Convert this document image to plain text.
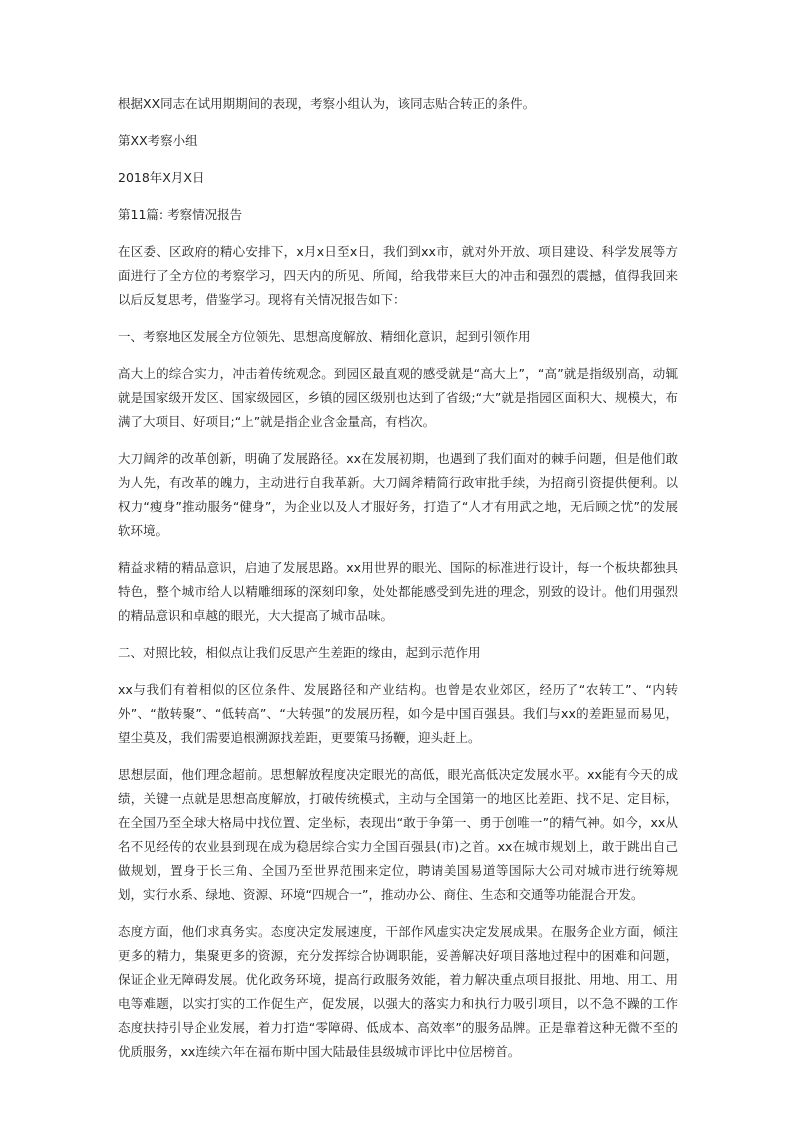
根据XX同志在试用期期间的表现，考察小组认为，该同志贴合转正的条件。

第XX考察小组

2018年X月X日

第11篇: 考察情况报告

在区委、区政府的精心安排下，x月x日至x日，我们到xx市，就对外开放、项目建设、科学发展等方面进行了全方位的考察学习，四天内的所见、所闻，给我带来巨大的冲击和强烈的震撼，值得我回来以后反复思考，借鉴学习。现将有关情况报告如下：

一、考察地区发展全方位领先、思想高度解放、精细化意识，起到引领作用

高大上的综合实力，冲击着传统观念。到园区最直观的感受就是“高大上”，“高”就是指级别高，动辄就是国家级开发区、国家级园区，乡镇的园区级别也达到了省级;“大”就是指园区面积大、规模大，布满了大项目、好项目;“上”就是指企业含金量高，有档次。

大刀阔斧的改革创新，明确了发展路径。xx在发展初期，也遇到了我们面对的棘手问题，但是他们敢为人先，有改革的魄力，主动进行自我革新。大刀阔斧精简行政审批手续，为招商引资提供便利。以权力“瘦身”推动服务“健身”，为企业以及人才服好务，打造了“人才有用武之地，无后顾之忧”的发展软环境。

精益求精的精品意识，启迪了发展思路。xx用世界的眼光、国际的标准进行设计，每一个板块都独具特色，整个城市给人以精雕细琢的深刻印象，处处都能感受到先进的理念，别致的设计。他们用强烈的精品意识和卓越的眼光，大大提高了城市品味。

二、对照比较，相似点让我们反思产生差距的缘由，起到示范作用

xx与我们有着相似的区位条件、发展路径和产业结构。也曾是农业郊区，经历了“农转工”、“内转外”、“散转聚”、“低转高”、“大转强”的发展历程，如今是中国百强县。我们与xx的差距显而易见，望尘莫及，我们需要追根溯源找差距，更要策马扬鞭，迎头赶上。

思想层面，他们理念超前。思想解放程度决定眼光的高低，眼光高低决定发展水平。xx能有今天的成绩，关键一点就是思想高度解放，打破传统模式，主动与全国第一的地区比差距、找不足、定目标，在全国乃至全球大格局中找位置、定坐标，表现出“敢于争第一、勇于创唯一”的精气神。如今，xx从名不见经传的农业县到现在成为稳居综合实力全国百强县(市)之首。xx在城市规划上，敢于跳出自己做规划，置身于长三角、全国乃至世界范围来定位，聘请美国易道等国际大公司对城市进行统筹规划，实行水系、绿地、资源、环境“四规合一”，推动办公、商住、生态和交通等功能混合开发。

态度方面，他们求真务实。态度决定发展速度，干部作风虚实决定发展成果。在服务企业方面，倾注更多的精力，集聚更多的资源，充分发挥综合协调职能，妥善解决好项目落地过程中的困难和问题，保证企业无障碍发展。优化政务环境，提高行政服务效能，着力解决重点项目报批、用地、用工、用电等难题，以实打实的工作促生产，促发展，以强大的落实力和执行力吸引项目，以不急不躁的工作态度扶持引导企业发展，着力打造“零障碍、低成本、高效率”的服务品牌。正是靠着这种无微不至的优质服务，xx连续六年在福布斯中国大陆最佳县级城市评比中位居榜首。
